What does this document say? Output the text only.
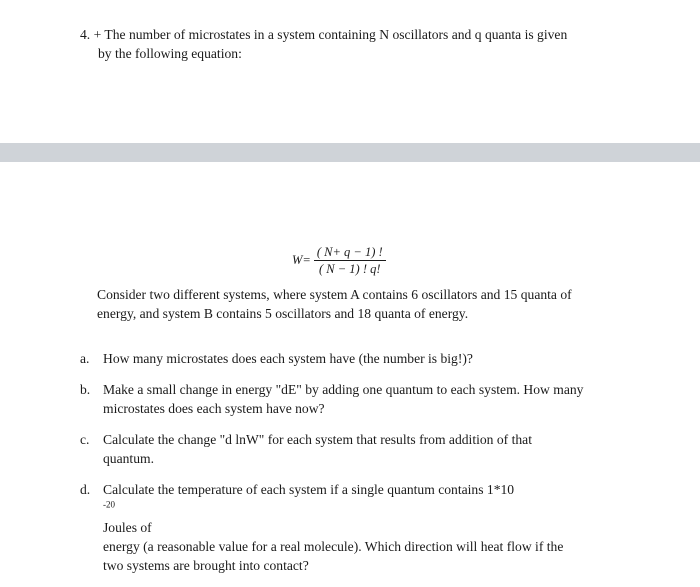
4. + The number of microstates in a system containing N oscillators and q quanta is given
by the following equation:
$W= \frac{( N+ q - 1) !}{( N - 1) ! q!}$
Consider two different systems, where system A contains 6 oscillators and 15 quanta of
energy, and system B contains 5 oscillators and 18 quanta of energy.
a. How many microstates does each system have (the number is big!)?
b. Make a small change in energy "dE" by adding one quantum to each system. How many
microstates does each system have now?
c. Calculate the change "d lnW" for each system that results from addition of that
quantum.
d. Calculate the temperature of each system if a single quantum contains 1*10
$^{-20}$
Joules of
energy (a reasonable value for a real molecule). Which direction will heat flow if the
two systems are brought into contact?
